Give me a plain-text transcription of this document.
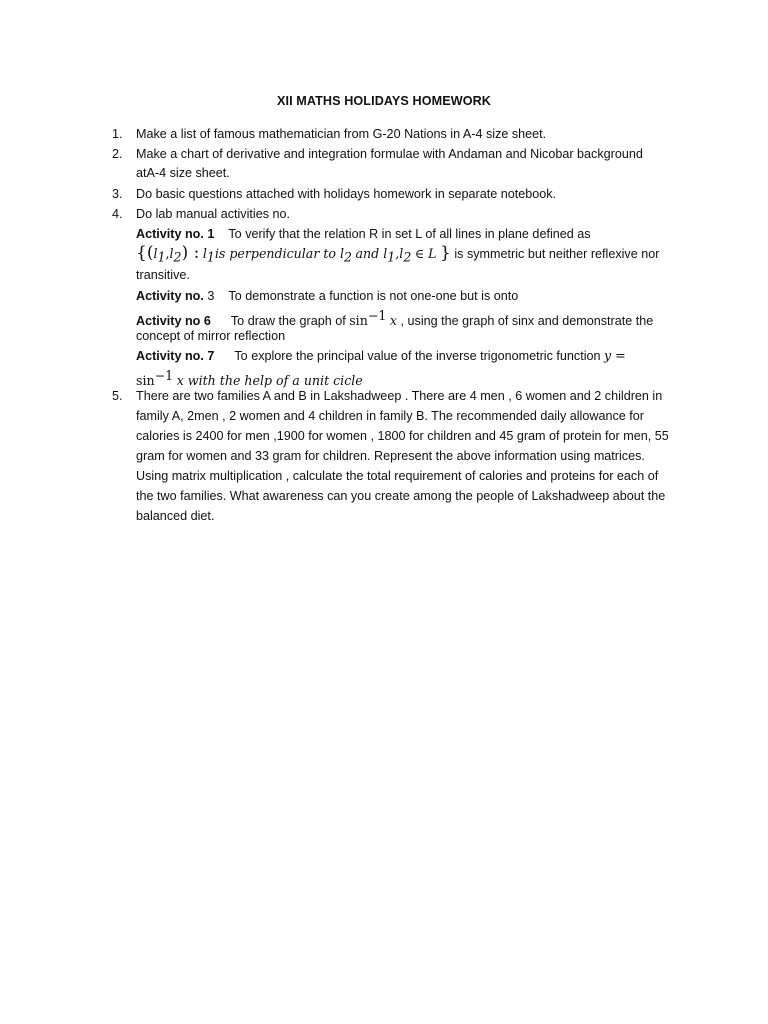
XII MATHS HOLIDAYS HOMEWORK
1. Make a list of famous mathematician from G-20 Nations in A-4 size sheet.
2. Make a chart of derivative and integration formulae with Andaman and Nicobar background
atA-4 size sheet.
3. Do basic questions attached with holidays homework in separate notebook.
4. Do lab manual activities no.
Activity no. 1 To verify that the relation R in set L of all lines in plane defined as
{$(l_1,l_2)$ : $l_1is$ perpendicular to $l_2$ and $l_1,l_2$ ∈ L } is symmetric but neither reflexive nor
transitive.
Activity no. 3 To demonstrate a function is not one-one but is onto
Activity no 6 To draw the graph of $\sin^{-1} x$ , using the graph of sinx and demonstrate the
concept of mirror reflection
Activity no. 7 To explore the principal value of the inverse trigonometric function y =
$\sin^{-1} x$ with the help of a unit cicle
5. There are two families A and B in Lakshadweep . There are 4 men , 6 women and 2 children in
family A, 2men , 2 women and 4 children in family B. The recommended daily allowance for
calories is 2400 for men ,1900 for women , 1800 for children and 45 gram of protein for men, 55
gram for women and 33 gram for children. Represent the above information using matrices.
Using matrix multiplication , calculate the total requirement of calories and proteins for each of
the two families. What awareness can you create among the people of Lakshadweep about the
balanced diet.
